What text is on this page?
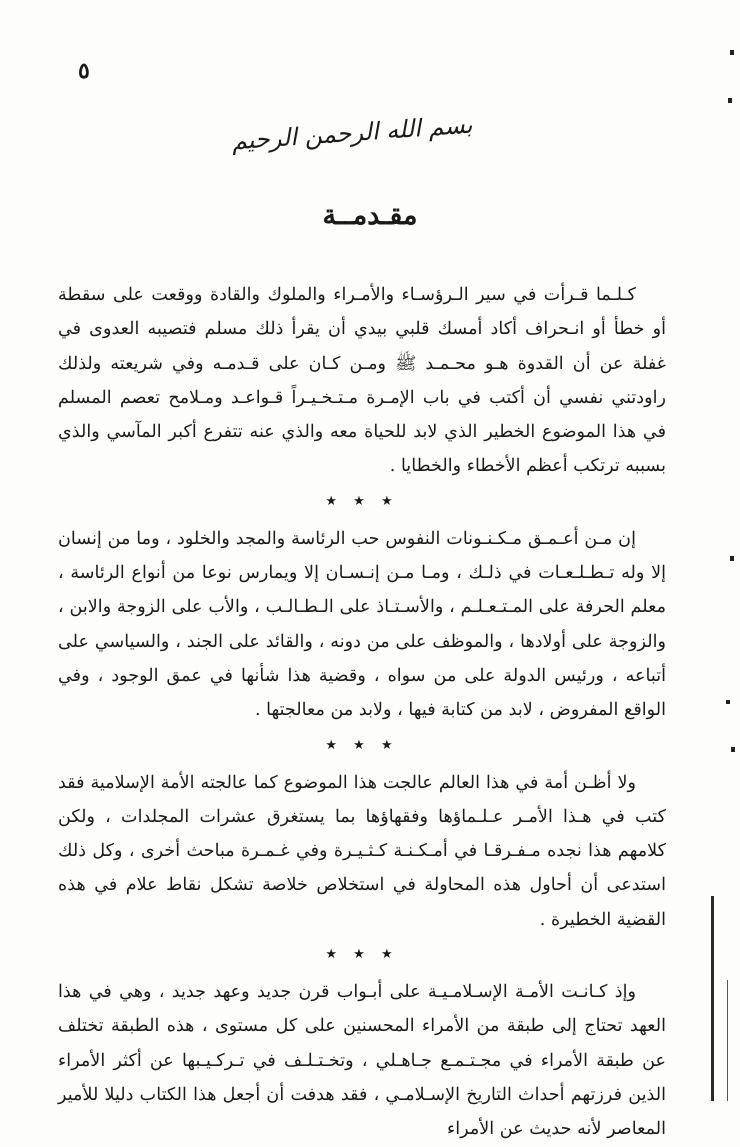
٥
بسم الله الرحمن الرحيم
مقـدمــة

كـلـما قـرأت في سير الـرؤسـاء والأمـراء والملوك والقادة ووقعت على سقطة أو خطأ أو انـحراف أكاد أمسك قلبي بيدي أن يقرأ ذلك مسلم فتصيبه العدوى في غفلة عن أن القدوة هـو محـمـد ﷺ ومـن كـان على قـدمـه وفي شريعته ولذلك راودتني نفسي أن أكتب في باب الإمـرة مـتـخـيـراً قـواعـد ومـلامح تعصم المسلم في هذا الموضوع الخطير الذي لابد للحياة معه والذي عنه تتفرع أكبر المآسي والذي بسببه ترتكب أعظم الأخطاء والخطايا .

★ ★ ★

إن مـن أعـمـق مـكـنـونات النفوس حب الرئاسة والمجد والخلود ، وما من إنسان إلا وله تـطـلـعـات في ذلـك ، ومـا مـن إنـسـان إلا ويمارس نوعا من أنواع الرئاسة ، معلم الحرفة على المـتـعـلـم ، والأسـتـاذ على الـطـالـب ، والأب على الزوجة والابن ، والزوجة على أولادها ، والموظف على من دونه ، والقائد على الجند ، والسياسي على أتباعه ، ورئيس الدولة على من سواه ، وقضية هذا شأنها في عمق الوجود ، وفي الواقع المفروض ، لابد من كتابة فيها ، ولابد من معالجتها .

★ ★ ★

ولا أظـن أمة في هذا العالم عالجت هذا الموضوع كما عالجته الأمة الإسلامية فقد كتب في هـذا الأمـر عـلـماؤها وفقهاؤها بما يستغرق عشرات المجلدات ، ولكن كلامهم هذا نجده مـفـرقـا في أمـكـنـة كـثـيـرة وفي غـمـرة مباحث أخرى ، وكل ذلك استدعى أن أحاول هذه المحاولة في استخلاص خلاصة تشكل نقاط علام في هذه القضية الخطيرة .

★ ★ ★

وإذ كـانـت الأمـة الإسـلامـيـة على أبـواب قرن جديد وعهد جديد ، وهي في هذا العهد تحتاج إلى طبقة من الأمراء المحسنين على كل مستوى ، هذه الطبقة تختلف عن طبقة الأمراء في مجـتـمـع جـاهـلي ، وتخـتـلـف في تـركـيـبها عن أكثر الأمراء الذين فرزتهم أحداث التاريخ الإسـلامـي ، فقد هدفت أن أجعل هذا الكتاب دليلا للأمير المعاصر لأنه حديث عن الأمراء
